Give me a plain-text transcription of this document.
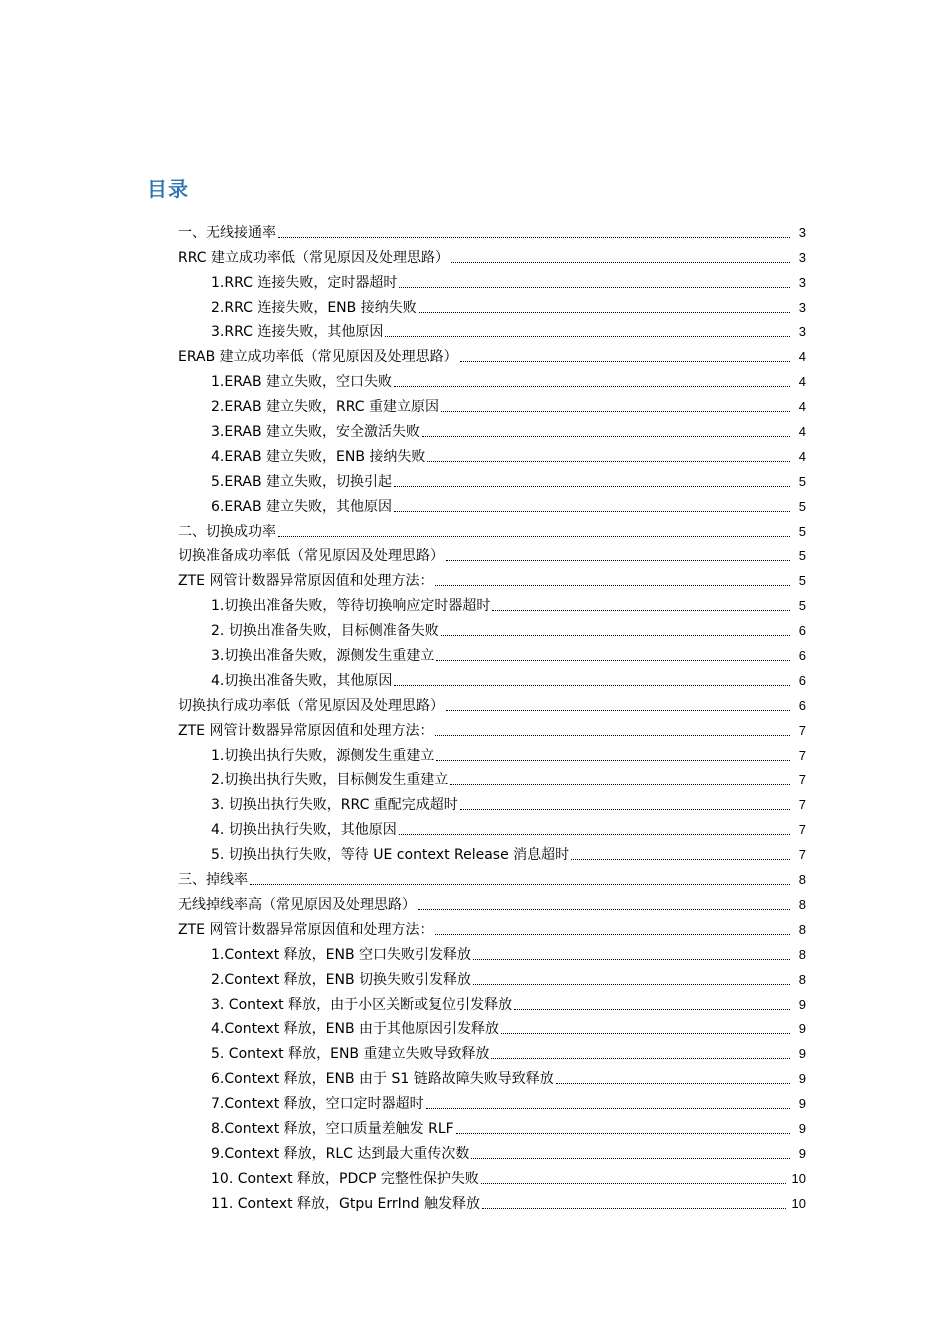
目录
一、无线接通率	3
RRC 建立成功率低（常见原因及处理思路）	3
1.RRC 连接失败，定时器超时	3
2.RRC 连接失败，ENB 接纳失败	3
3.RRC 连接失败，其他原因	3
ERAB 建立成功率低（常见原因及处理思路）	4
1.ERAB 建立失败，空口失败	4
2.ERAB 建立失败，RRC 重建立原因	4
3.ERAB 建立失败，安全激活失败	4
4.ERAB 建立失败，ENB 接纳失败	4
5.ERAB 建立失败，切换引起	5
6.ERAB 建立失败，其他原因	5
二、切换成功率	5
切换准备成功率低（常见原因及处理思路）	5
ZTE 网管计数器异常原因值和处理方法：	5
1.切换出准备失败，等待切换响应定时器超时	5
2. 切换出准备失败，目标侧准备失败	6
3.切换出准备失败，源侧发生重建立	6
4.切换出准备失败，其他原因	6
切换执行成功率低（常见原因及处理思路）	6
ZTE 网管计数器异常原因值和处理方法：	7
1.切换出执行失败，源侧发生重建立	7
2.切换出执行失败，目标侧发生重建立	7
3. 切换出执行失败，RRC 重配完成超时	7
4. 切换出执行失败，其他原因	7
5. 切换出执行失败，等待 UE context Release 消息超时	7
三、掉线率	8
无线掉线率高（常见原因及处理思路）	8
ZTE 网管计数器异常原因值和处理方法：	8
1.Context 释放，ENB 空口失败引发释放	8
2.Context 释放，ENB 切换失败引发释放	8
3. Context 释放，由于小区关断或复位引发释放	9
4.Context 释放，ENB 由于其他原因引发释放	9
5. Context 释放，ENB 重建立失败导致释放	9
6.Context 释放，ENB 由于 S1 链路故障失败导致释放	9
7.Context 释放，空口定时器超时	9
8.Context 释放，空口质量差触发 RLF	9
9.Context 释放，RLC 达到最大重传次数	9
10. Context 释放，PDCP 完整性保护失败	10
11. Context 释放，Gtpu ErrInd 触发释放	10
